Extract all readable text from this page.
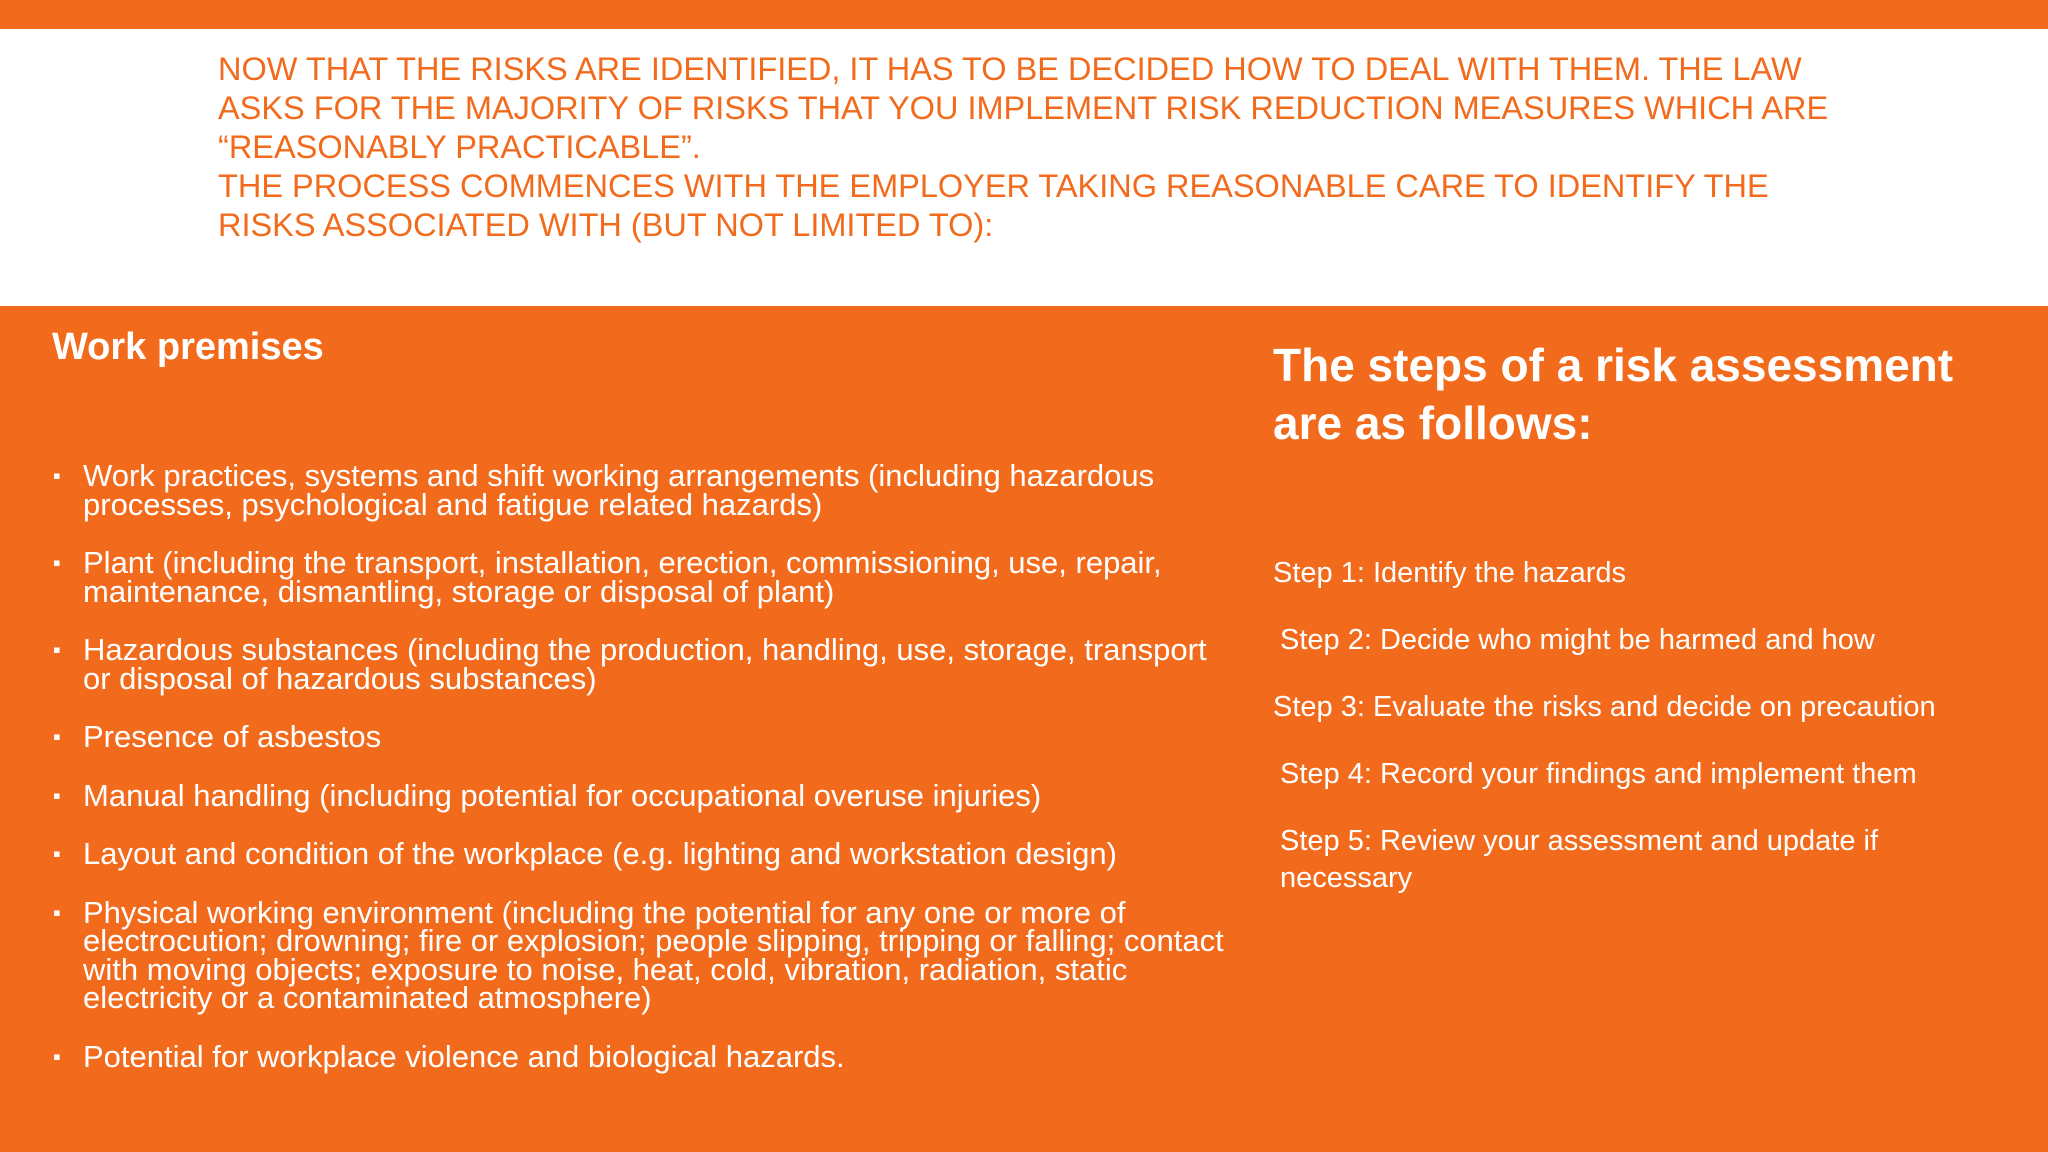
NOW THAT THE RISKS ARE IDENTIFIED, IT HAS TO BE DECIDED HOW TO DEAL WITH THEM. THE LAW ASKS FOR THE MAJORITY OF RISKS THAT YOU IMPLEMENT RISK REDUCTION MEASURES WHICH ARE “REASONABLY PRACTICABLE”.

THE PROCESS COMMENCES WITH THE EMPLOYER TAKING REASONABLE CARE TO IDENTIFY THE RISKS ASSOCIATED WITH (BUT NOT LIMITED TO):

Work premises
▪ Work practices, systems and shift working arrangements (including hazardous processes, psychological and fatigue related hazards)
▪ Plant (including the transport, installation, erection, commissioning, use, repair, maintenance, dismantling, storage or disposal of plant)
▪ Hazardous substances (including the production, handling, use, storage, transport or disposal of hazardous substances)
▪ Presence of asbestos
▪ Manual handling (including potential for occupational overuse injuries)
▪ Layout and condition of the workplace (e.g. lighting and workstation design)
▪ Physical working environment (including the potential for any one or more of electrocution; drowning; fire or explosion; people slipping, tripping or falling; contact with moving objects; exposure to noise, heat, cold, vibration, radiation, static electricity or a contaminated atmosphere)
▪ Potential for workplace violence and biological hazards.
The steps of a risk assessment are as follows:
Step 1: Identify the hazards
Step 2: Decide who might be harmed and how
Step 3: Evaluate the risks and decide on precaution
Step 4: Record your findings and implement them
Step 5: Review your assessment and update if necessary
